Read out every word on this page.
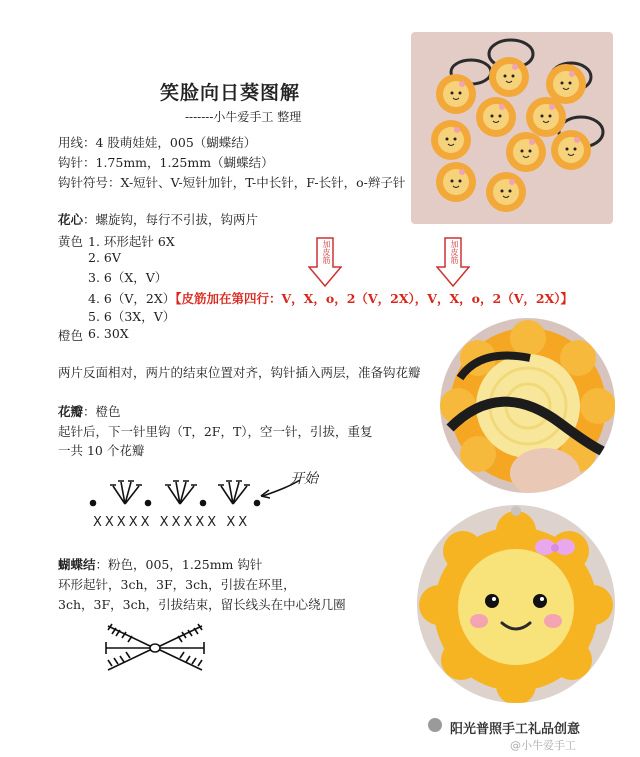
笑脸向日葵图解
-------小牛爱手工 整理
用线：4 股萌娃娃，005（蝴蝶结）
钩针：1.75mm，1.25mm（蝴蝶结）
钩针符号：X-短针、V-短针加针，T-中长针，F-长针，o-辫子针
花心：螺旋钩，每行不引拔，钩两片
黄色 1. 环形起针 6X
2. 6V
3. 6（X，V）
4. 6（V，2X）【皮筋加在第四行：V，X，o，2（V，2X），V，X，o，2（V，2X）】
5. 6（3X，V）
橙色 6. 30X
加皮筋	加皮筋
两片反面相对，两片的结束位置对齐，钩针插入两层，准备钩花瓣
花瓣：橙色
起针后，下一针里钩（T，2F，T），空一针，引拔，重复
一共 10 个花瓣
开始
XXXXX XXXXX XX
蝴蝶结：粉色，005，1.25mm 钩针
环形起针，3ch，3F，3ch，引拔在环里，
3ch，3F，3ch，引拔结束，留长线头在中心绕几圈
阳光普照手工礼品创意
@小牛爱手工
